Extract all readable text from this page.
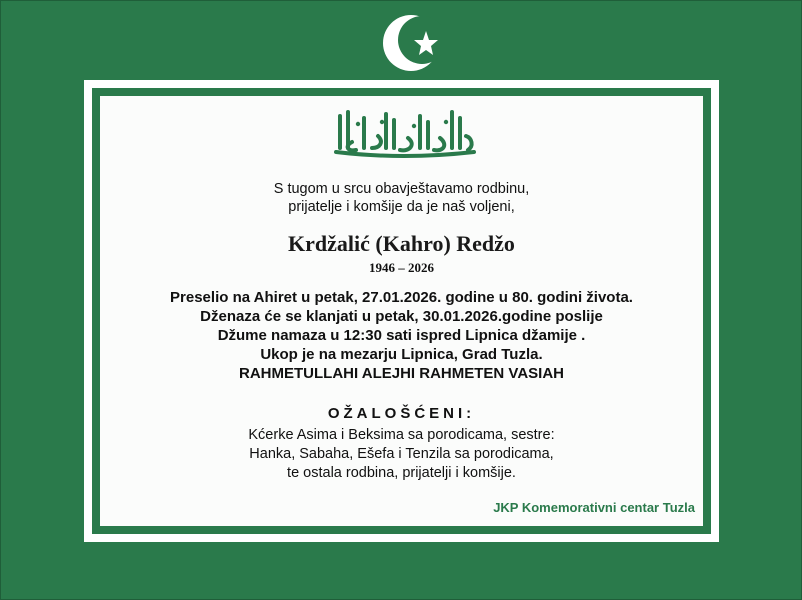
S tugom u srcu obavještavamo rodbinu,
prijatelje i komšije da je naš voljeni,
Krdžalić (Kahro) Redžo
1946 – 2026
Preselio na Ahiret u petak, 27.01.2026. godine u 80. godini života.
Dženaza će se klanjati u petak, 30.01.2026.godine poslije
Džume namaza u 12:30 sati ispred Lipnica džamije .
Ukop je na mezarju Lipnica, Grad Tuzla.
RAHMETULLAHI ALEJHI RAHMETEN VASIAH
OŽALOŠĆENI:
Kćerke Asima i Beksima sa porodicama, sestre:
Hanka, Sabaha, Ešefa i Tenzila sa porodicama,
te ostala rodbina, prijatelji i komšije.
JKP Komemorativni centar Tuzla
